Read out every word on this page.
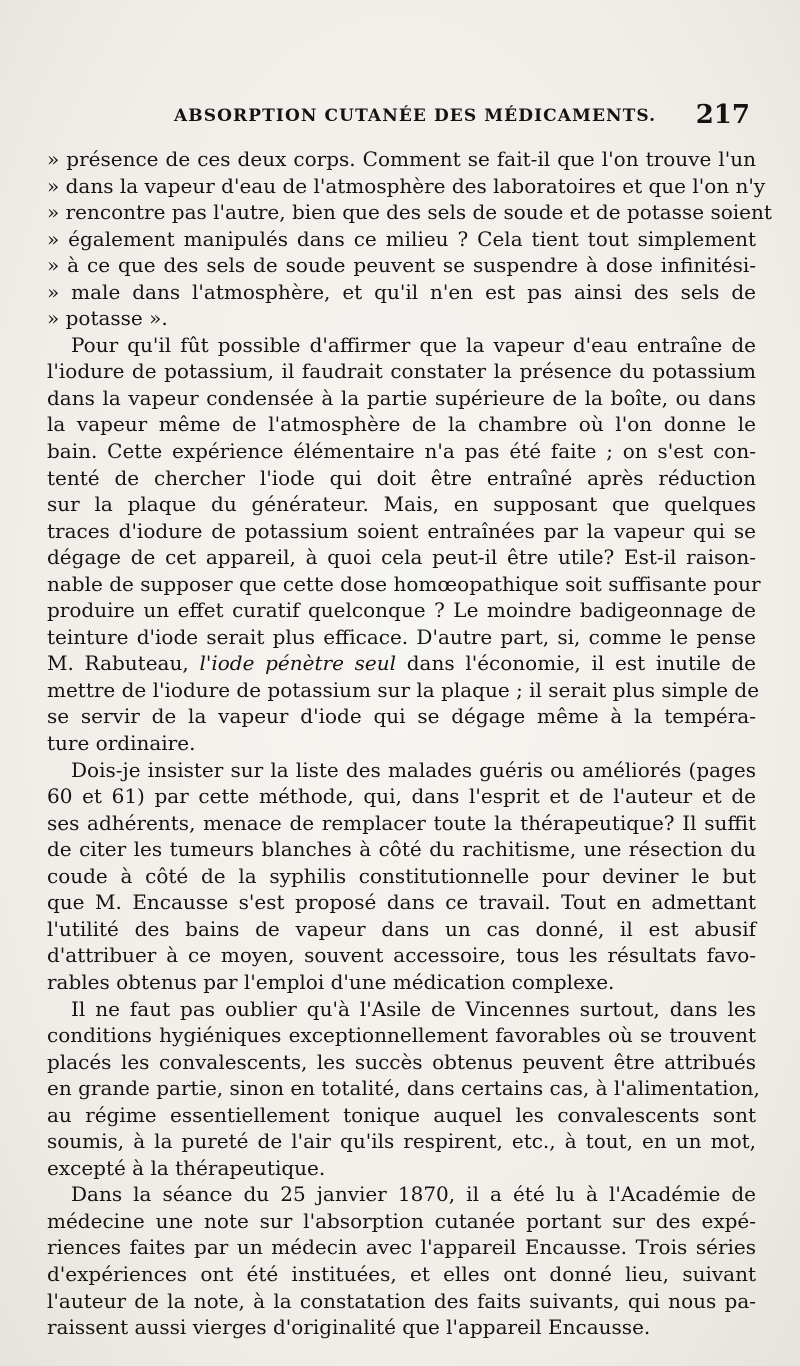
ABSORPTION CUTANÉE DES MÉDICAMENTS. 217
» présence de ces deux corps. Comment se fait-il que l'on trouve l'un
» dans la vapeur d'eau de l'atmosphère des laboratoires et que l'on n'y
» rencontre pas l'autre, bien que des sels de soude et de potasse soient
» également manipulés dans ce milieu ? Cela tient tout simplement
» à ce que des sels de soude peuvent se suspendre à dose infinitési-
» male dans l'atmosphère, et qu'il n'en est pas ainsi des sels de
» potasse ».
Pour qu'il fût possible d'affirmer que la vapeur d'eau entraîne de
l'iodure de potassium, il faudrait constater la présence du potassium
dans la vapeur condensée à la partie supérieure de la boîte, ou dans
la vapeur même de l'atmosphère de la chambre où l'on donne le
bain. Cette expérience élémentaire n'a pas été faite ; on s'est con-
tenté de chercher l'iode qui doit être entraîné après réduction
sur la plaque du générateur. Mais, en supposant que quelques
traces d'iodure de potassium soient entraînées par la vapeur qui se
dégage de cet appareil, à quoi cela peut-il être utile? Est-il raison-
nable de supposer que cette dose homœopathique soit suffisante pour
produire un effet curatif quelconque ? Le moindre badigeonnage de
teinture d'iode serait plus efficace. D'autre part, si, comme le pense
M. Rabuteau, l'iode pénètre seul dans l'économie, il est inutile de
mettre de l'iodure de potassium sur la plaque ; il serait plus simple de
se servir de la vapeur d'iode qui se dégage même à la tempéra-
ture ordinaire.
Dois-je insister sur la liste des malades guéris ou améliorés (pages
60 et 61) par cette méthode, qui, dans l'esprit et de l'auteur et de
ses adhérents, menace de remplacer toute la thérapeutique? Il suffit
de citer les tumeurs blanches à côté du rachitisme, une résection du
coude à côté de la syphilis constitutionnelle pour deviner le but
que M. Encausse s'est proposé dans ce travail. Tout en admettant
l'utilité des bains de vapeur dans un cas donné, il est abusif
d'attribuer à ce moyen, souvent accessoire, tous les résultats favo-
rables obtenus par l'emploi d'une médication complexe.
Il ne faut pas oublier qu'à l'Asile de Vincennes surtout, dans les
conditions hygiéniques exceptionnellement favorables où se trouvent
placés les convalescents, les succès obtenus peuvent être attribués
en grande partie, sinon en totalité, dans certains cas, à l'alimentation,
au régime essentiellement tonique auquel les convalescents sont
soumis, à la pureté de l'air qu'ils respirent, etc., à tout, en un mot,
excepté à la thérapeutique.
Dans la séance du 25 janvier 1870, il a été lu à l'Académie de
médecine une note sur l'absorption cutanée portant sur des expé-
riences faites par un médecin avec l'appareil Encausse. Trois séries
d'expériences ont été instituées, et elles ont donné lieu, suivant
l'auteur de la note, à la constatation des faits suivants, qui nous pa-
raissent aussi vierges d'originalité que l'appareil Encausse.
